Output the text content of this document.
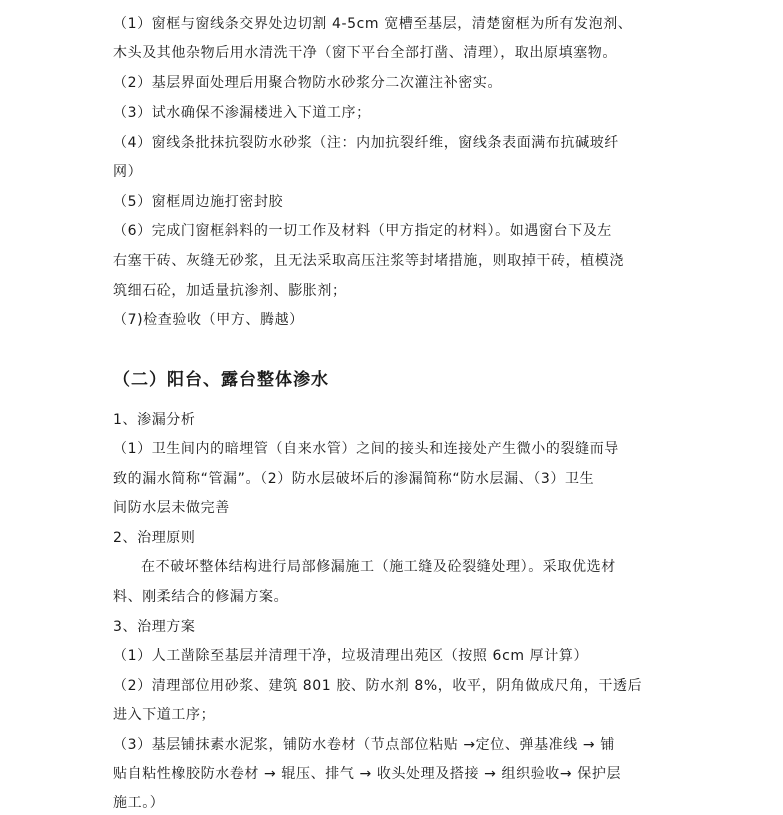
（1）窗框与窗线条交界处边切割 4-5cm 宽槽至基层，清楚窗框为所有发泡剂、
木头及其他杂物后用水清洗干净（窗下平台全部打凿、清理），取出原填塞物。
（2）基层界面处理后用聚合物防水砂浆分二次灌注补密实。
（3）试水确保不渗漏楼进入下道工序；
（4）窗线条批抹抗裂防水砂浆（注：内加抗裂纤维，窗线条表面满布抗碱玻纤
网）
（5）窗框周边施打密封胶
（6）完成门窗框斜料的一切工作及材料（甲方指定的材料）。如遇窗台下及左
右塞干砖、灰缝无砂浆，且无法采取高压注浆等封堵措施，则取掉干砖，植模浇
筑细石砼，加适量抗渗剂、膨胀剂；
（7)检查验收（甲方、腾越）
（二）阳台、露台整体渗水
1、渗漏分析
（1）卫生间内的暗埋管（自来水管）之间的接头和连接处产生微小的裂缝而导
致的漏水简称“管漏”。（2）防水层破坏后的渗漏简称“防水层漏、（3）卫生
间防水层未做完善
2、治理原则
在不破坏整体结构进行局部修漏施工（施工缝及砼裂缝处理）。采取优选材
料、刚柔结合的修漏方案。
3、治理方案
（1）人工凿除至基层并清理干净，垃圾清理出苑区（按照 6cm 厚计算）
（2）清理部位用砂浆、建筑 801 胶、防水剂 8%，收平，阴角做成尺角，干透后
进入下道工序；
（3）基层铺抹素水泥浆，铺防水卷材（节点部位粘贴 →定位、弹基准线 → 铺
贴自粘性橡胶防水卷材 → 辊压、排气 → 收头处理及搭接 → 组织验收→ 保护层
施工。）
